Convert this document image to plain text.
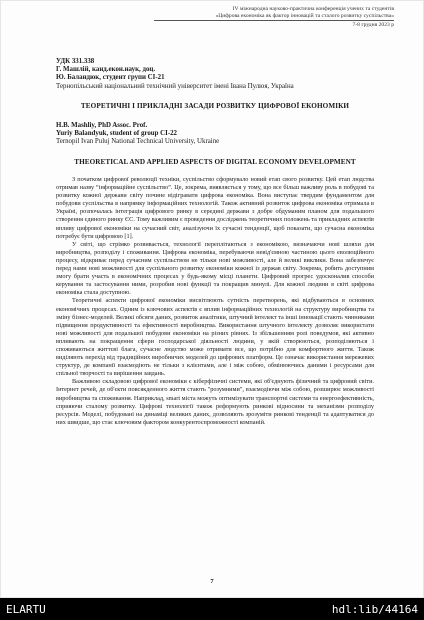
IV міжнародна науково-практична конференція учених та студентів
«Цифрова економіка як фактор інновацій та сталого розвитку суспільства»
7-8 грудня 2023 р
УДК 331.338
Г. Машлій, канд.екон.наук, доц.
Ю. Баландюк, студент групи СІ-21
Тернопільський національний технічний університет імені Івана Пулюя, Україна
ТЕОРЕТИЧНІ І ПРИКЛАДНІ ЗАСАДИ РОЗВИТКУ ЦИФРОВОЇ ЕКОНОМІКИ
H.B. Mashliy, PhD Assoc. Prof.
Yuriy Balandyuk, student of group CI-22
Ternopil Ivan Puluj National Technical University, Ukraine
THEORETICAL AND APPLIED ASPECTS OF DIGITAL ECONOMY DEVELOPMENT

З початком цифрової революції техніки, суспільство сформувало новий етап свого розвитку. Цей етап людства отримав назву “інформаційне суспільство”. Це, зокрема, виявляється у тому, що все більш важливу роль в побудові та розвитку кожної держави світу почине відігравати цифрова економіка. Вона виступає твердим фундаментом для побудови суспільства в напрямку інформаційних технологій. Також активний розвиток цифрова економіка отримала в Україні, розпочалась інтеграція цифрового ринку в середині держави з добре обдуманим планом для подальшого створення єдиного ринку ЄС. Тому важливим є проведення досліджень теоретичних положень та прикладних аспектів впливу цифрової економіки на сучасний світ, аналізуючи їх сучасні тенденції, щоб показати, що сучасна економіка потребує бути цифровою [1].

У світі, що стрімко розвивається, технології переплітаються з економікою, визначаючи нові шляхи для виробництва, розподілу і споживання. Цифрова економіка, перебуваючи невід'ємною частиною цього еволюційного процесу, відкриває перед сучасним суспільством не тільки нові можливості, але й великі виклики. Вона забезпечує перед нами нові можливості для суспільного розвитку економіки кожної із держав світу. Зокрема, робить доступним змогу брати участь в економічних процесах у будь-якому місці планети. Цифровий прогрес удосконалив способи керування та застосування ними, розробив нові функції та покращив минулі. Для кожної людини в світі цифрова економіка стала доступною.

Теоретичні аспекти цифрової економіки висвітлюють сутність перетворень, які відбуваються в основних економічних процесах. Одним із ключових аспектів є вплив інформаційних технологій на структуру виробництва та зміну бізнес-моделей. Великі обсяги даних, розвиток аналітики, штучний інтелект та інші інновації стають чинниками підвищення продуктивності та ефективності виробництва. Використання штучного інтелекту дозволяє використати нові можливості для подальшої побудови економіки на різних рівнях. Із збільшенням ролі поведумов, які активно впливають на покращення сфери господарської діяльності людини, у якій створюються, розподіляються і споживаються життєві блага, сучасне людство може отримати все, що потрібно для комфортного життя. Також виділяють перехід від традиційних виробничих моделей до цифрових платформ. Це означає використання мережевих структур, де компанії взаємодіють не тільки з клієнтами, але і між собою, обмінюючись даними і ресурсами для спільної творчості та вирішення завдань.

Важливою складовою цифрової економіки є кіберфізичні системи, які об'єднують фізичний та цифровий світи. Інтернет речей, де об'єкти повсякденного життя стають "розумними", взаємодіючи між собою, розширює можливості виробництва та споживання. Наприклад, smart міста можуть оптимізувати транспортні системи та енергоефективність, сприяючи сталому розвитку. Цифрові технології також реформують ринкові відносини та механізми розподілу ресурсів. Моделі, побудовані на динаміці великих даних, дозволяють зрозуміти ринкові тенденції та адаптуватися до них швидше, що стає ключовим фактором конкурентоспроможності компаній.

7
ELARTU	hdl:lib/44164
